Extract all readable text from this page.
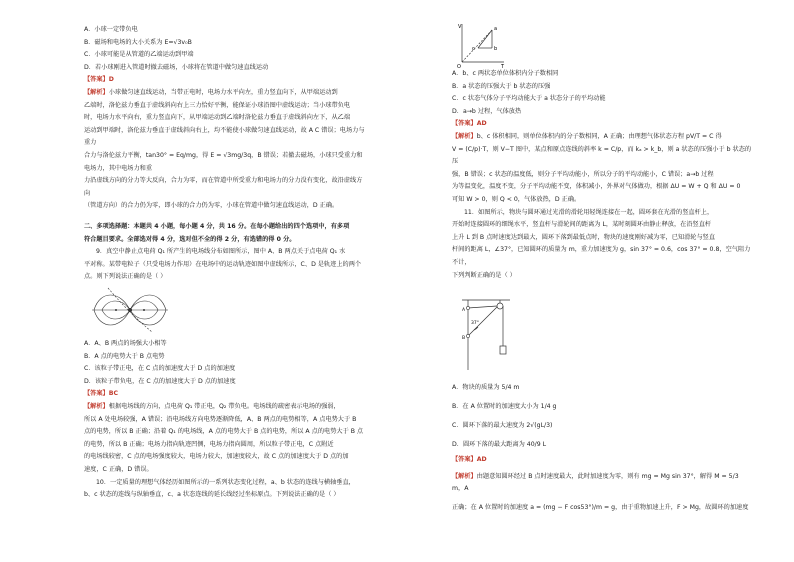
A．小球一定带负电

B．磁场和电场的大小关系为 E=√3v₀B

C．小球可能是从管道的乙端运动到甲端

D．若小球刚进入管道时撤去磁场，小球将在管道中做匀速直线运动

【答案】D

【解析】小球做匀速直线运动，当带正电时，电场力水平向左，重力竖直向下，从甲端运动到

乙端时，洛伦兹力垂直于虚线斜向右上三力恰好平衡，能保证小球沿图中虚线运动；当小球带负电

时，电场力水平向右，重力竖直向下，从甲端运动到乙端时洛伦兹力垂直于虚线斜向左下，从乙端

运动到甲端时，洛伦兹力垂直于虚线斜向右上，均不能使小球做匀速直线运动，故 A C 错误；电场力与重力

合力与洛伦兹力平衡，tan30° = Eq/mg，得 E = √3mg/3q，B 错误；若撤去磁场，小球只受重力和电场力，其中电场力和重

力沿虚线方向的分力等大反向，合力为零，而在管道中所受重力和电场力的分力没有变化，故沿虚线方向

（管道方向）的合力仍为零，即小球的合力仍为零，小球在管道中做匀速直线运动，D 正确。

二、多项选择题：本题共 4 小题，每小题 4 分，共 16 分。在每小题给出的四个选项中，有多项

符合题目要求。全部选对得 4 分，选对但不全的得 2 分，有选错的得 0 分。

9．真空中静止点电荷 Q₁ 所产生的电场线分布如图所示，图中 A、B 两点关于点电荷 Q₁ 水

平对称。某带电粒子（只受电场力作用）在电场中的运动轨迹如图中虚线所示，C、D 是轨迹上的两个

点。则下列说法正确的是（ ）

A．A、B 两点的场强大小相等

B．A 点的电势大于 B 点电势

C．该粒子带正电，在 C 点的加速度大于 D 点的加速度

D．该粒子带负电，在 C 点的加速度大于 D 点的加速度

【答案】BC

【解析】根据电场线的方向，点电荷 Q₁ 带正电，Q₂ 带负电。电场线的疏密表示电场的强弱，

所以 A 处电场较强，A 错误；沿电场线方向电势逐渐降低，A、B 两点的电势相等，A 点电势大于 B

点的电势，所以 B 正确；沿着 Q₁ 的电场线，A 点的电势大于 B 点的电势，所以 A 点的电势大于 B 点

的电势，所以 B 正确；电场力指向轨迹凹侧，电场力指向圆周，所以粒子带正电，C 点附近

的电场线较密，C 点的电场强度较大，电场力较大，加速度较大，故 C 点的加速度大于 D 点的加

速度，C 正确，D 错误。

10．一定质量的理想气体经历如图所示的一系列状态变化过程，a、b 状态的连线与横轴垂直，

b、c 状态的连线与纵轴垂直，c、a 状态连线的延长线经过坐标原点。下列说法正确的是（ ）

V
T
O
a
b
c

A．b、c 两状态单位体积内分子数相同

B．a 状态的压强大于 b 状态的压强

C．c 状态气体分子平均动能大于 a 状态分子的平均动能

D．a→b 过程，气体放热

【答案】AD

【解析】b、c 体积相同，则单位体积内的分子数相同，A 正确；由理想气体状态方程 pV/T = C 得

V = (C/p)·T，则 V−T 图中，某点和原点连线的斜率 k = C/p，而 kₐ > k_b，则 a 状态的压强小于 b 状态的压

强，B 错误；c 状态的温度低，则分子平均动能小，所以分子的平均动能小，C 错误；a→b 过程

为等温变化，温度不变，分子平均动能不变，体积减小，外界对气体做功，根据 ΔU = W + Q 和 ΔU = 0

可知 W > 0，则 Q < 0，气体放热，D 正确。

11．如图所示，物块与圆环通过光滑的滑轮用轻绳连接在一起，圆环套在光滑的竖直杆上，

开始时连接圆环的细绳水平，竖直杆与滑轮间的距离为 L，某时刻圆环由静止释放，在沿竖直杆

上升 L 到 B 点时速度达到最大，圆环下落到最低点时，物块的速度刚好减为零，已知滑轮与竖直

杆间的距离 L，∠37°，已知圆环的质量为 m，重力加速度为 g，sin 37° = 0.6，cos 37° = 0.8，空气阻力不计，

下列判断正确的是（ ）

37°
A
B

A．物块的质量为 5/4 m

B．在 A 位置时的加速度大小为 1/4 g

C．圆环下落的最大速度为 2√(gL/3)

D．圆环下落的最大距离为 40/9 L

【答案】AD

【解析】由题意知圆环经过 B 点时速度最大，此时加速度为零，则有 mg = Mg sin 37°，解得 M = 5/3 m，A

正确；在 A 位置时的加速度 a = (mg − F cos53°)/m = g，由于重物加速上升，F > Mg，故圆环的加速度
